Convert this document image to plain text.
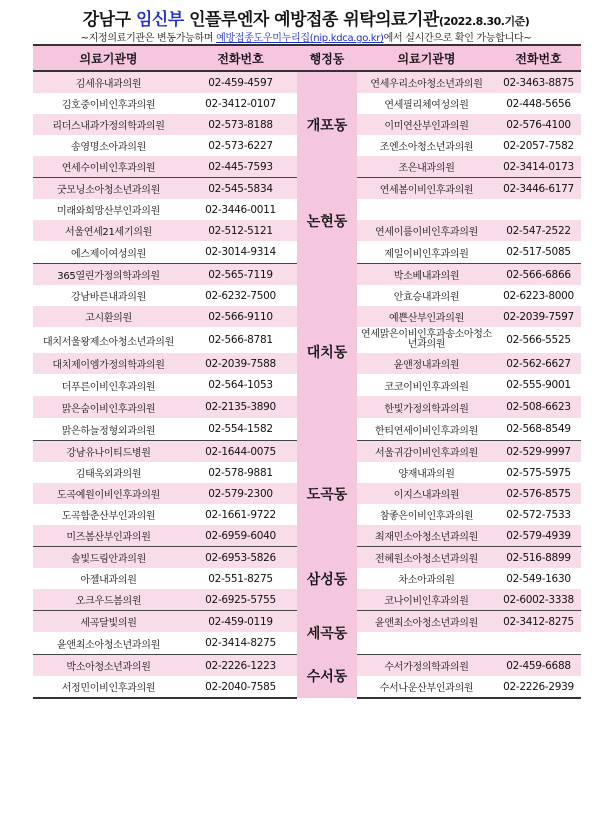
강남구 임신부 인플루엔자 예방접종 위탁의료기관(2022.8.30.기준)
~지정의료기관은 변동가능하며 예방접종도우미누리집(nip.kdca.go.kr)에서 실시간으로 확인 가능합니다~
의료기관명	전화번호	행정동	의료기관명	전화번호
김세유내과의원	02-459-4597	개포동	연세우리소아청소년과의원	02-3463-8875
김호중이비인후과의원	02-3412-0107		연세필리체여성의원	02-448-5656
리더스내과가정의학과의원	02-573-8188		이미연산부인과의원	02-576-4100
송영명소아과의원	02-573-6227		조엔소아청소년과의원	02-2057-7582
연세수이비인후과의원	02-445-7593		조은내과의원	02-3414-0173
굿모닝소아청소년과의원	02-545-5834	논현동	연세봄이비인후과의원	02-3446-6177
미래와희망산부인과의원	02-3446-0011			
서울연세21세기의원	02-512-5121		연세이룸이비인후과의원	02-547-2522
에스제이여성의원	02-3014-9314		제일이비인후과의원	02-517-5085
365열린가정의학과의원	02-565-7119	대치동	박소베내과의원	02-566-6866
강남바른내과의원	02-6232-7500		안효승내과의원	02-6223-8000
고시환의원	02-566-9110		예쁜산부인과의원	02-2039-7597
대치서울왕제소아청소년과의원	02-566-8781		연세맑은이비인후과송소아청소년과의원	02-566-5525
대치제이엠가정의학과의원	02-2039-7588		윤앤정내과의원	02-562-6627
더푸른이비인후과의원	02-564-1053		코코이비인후과의원	02-555-9001
맑은숨이비인후과의원	02-2135-3890		한빛가정의학과의원	02-508-6623
맑은하늘정형외과의원	02-554-1582		한티연세이비인후과의원	02-568-8549
강남유나이티드병원	02-1644-0075	도곡동	서울귀감이비인후과의원	02-529-9997
김태욱외과의원	02-578-9881		양재내과의원	02-575-5975
도곡예원이비인후과의원	02-579-2300		이지스내과의원	02-576-8575
도곡함춘산부인과의원	02-1661-9722		참좋은이비인후과의원	02-572-7533
미즈봄산부인과의원	02-6959-6040		최재민소아청소년과의원	02-579-4939
솔빛드림안과의원	02-6953-5826	삼성동	전혜원소아청소년과의원	02-516-8899
아젤내과의원	02-551-8275		차소아과의원	02-549-1630
오크우드봄의원	02-6925-5755		코나이비인후과의원	02-6002-3338
세곡달빛의원	02-459-0119	세곡동	윤앤최소아청소년과의원	02-3412-8275
윤앤최소아청소년과의원	02-3414-8275			
박소아청소년과의원	02-2226-1223	수서동	수서가정의학과의원	02-459-6688
서정민이비인후과의원	02-2040-7585		수서나운산부인과의원	02-2226-2939
